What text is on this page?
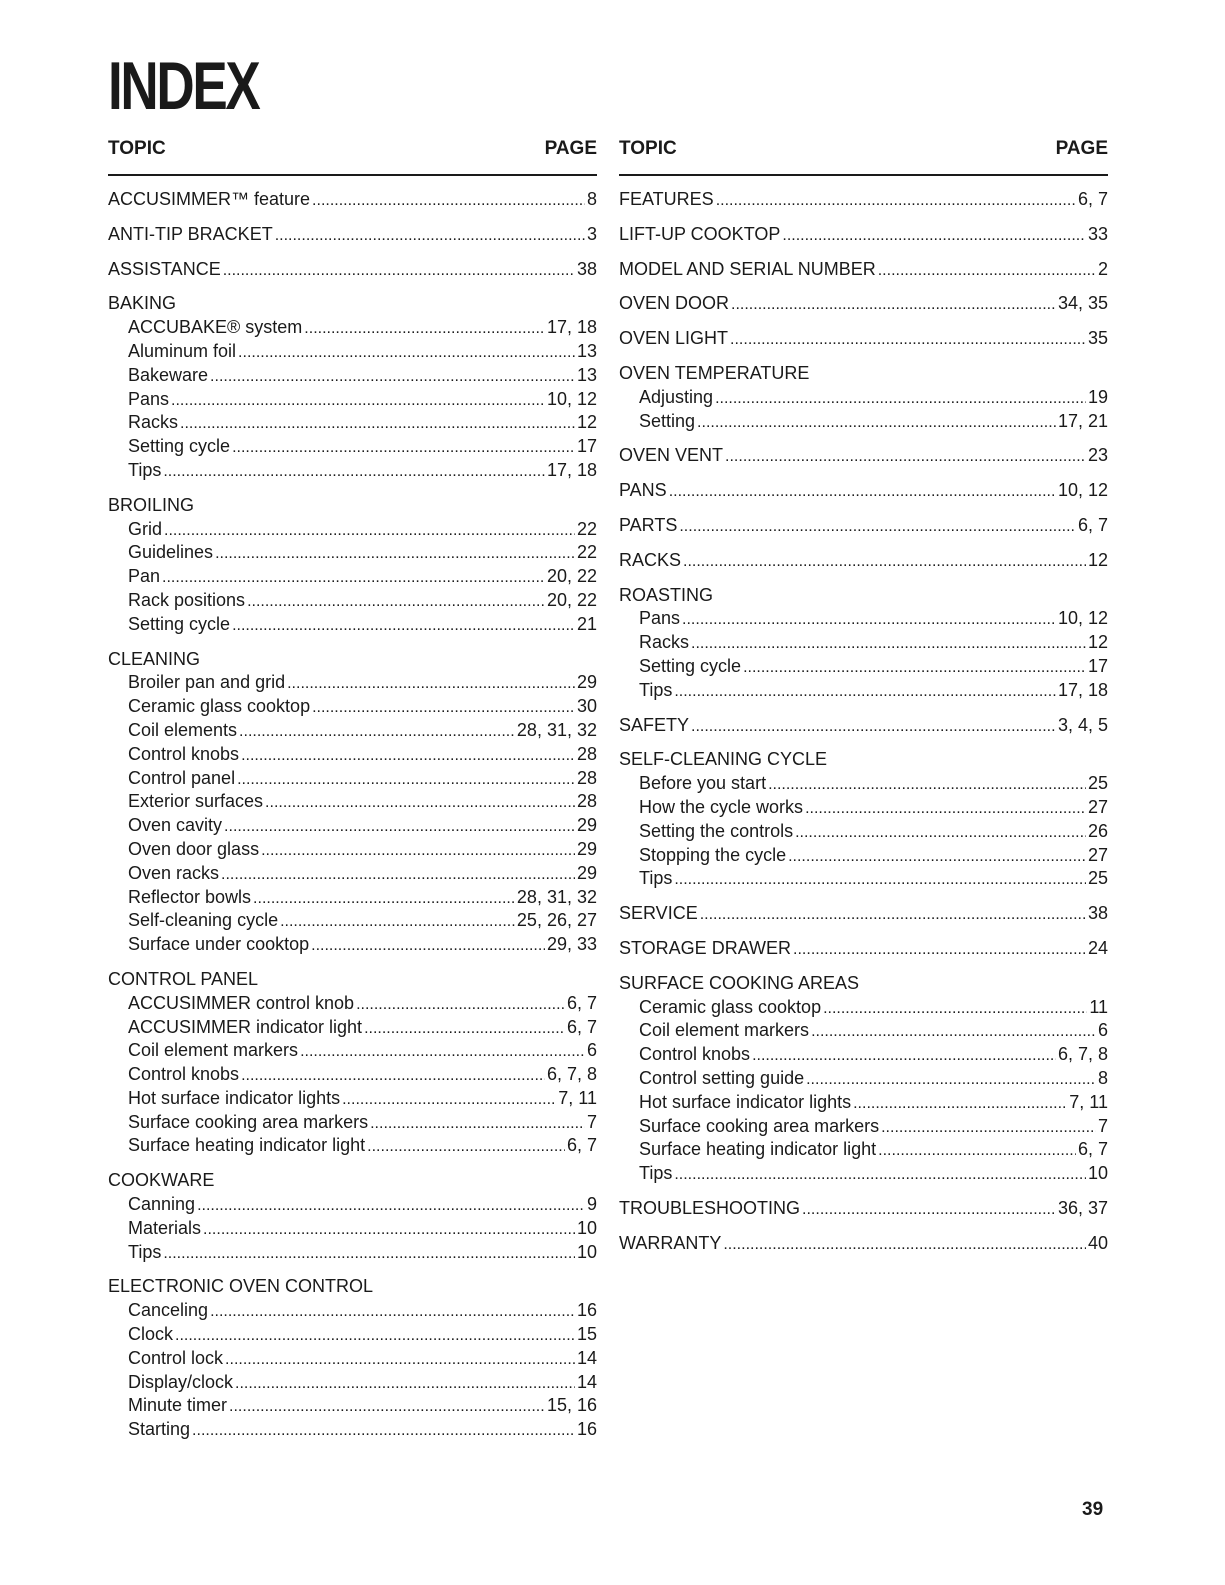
INDEX
TOPIC	PAGE
ACCUSIMMER™ feature .....	8
ANTI-TIP BRACKET .....	3
ASSISTANCE .....	38
BAKING
ACCUBAKE® system .....	17, 18
Aluminum foil .....	13
Bakeware .....	13
Pans .....	10, 12
Racks .....	12
Setting cycle .....	17
Tips .....	17, 18
BROILING
Grid .....	22
Guidelines .....	22
Pan .....	20, 22
Rack positions .....	20, 22
Setting cycle .....	21
CLEANING
Broiler pan and grid .....	29
Ceramic glass cooktop .....	30
Coil elements .....	28, 31, 32
Control knobs .....	28
Control panel .....	28
Exterior surfaces .....	28
Oven cavity .....	29
Oven door glass .....	29
Oven racks .....	29
Reflector bowls .....	28, 31, 32
Self-cleaning cycle .....	25, 26, 27
Surface under cooktop .....	29, 33
CONTROL PANEL
ACCUSIMMER control knob .....	6, 7
ACCUSIMMER indicator light .....	6, 7
Coil element markers .....	6
Control knobs .....	6, 7, 8
Hot surface indicator lights .....	7, 11
Surface cooking area markers .....	7
Surface heating indicator light .....	6, 7
COOKWARE
Canning .....	9
Materials .....	10
Tips .....	10
ELECTRONIC OVEN CONTROL
Canceling .....	16
Clock .....	15
Control lock .....	14
Display/clock .....	14
Minute timer .....	15, 16
Starting .....	16
TOPIC	PAGE
FEATURES .....	6, 7
LIFT-UP COOKTOP .....	33
MODEL AND SERIAL NUMBER .....	2
OVEN DOOR .....	34, 35
OVEN LIGHT .....	35
OVEN TEMPERATURE
Adjusting .....	19
Setting .....	17, 21
OVEN VENT .....	23
PANS .....	10, 12
PARTS .....	6, 7
RACKS .....	12
ROASTING
Pans .....	10, 12
Racks .....	12
Setting cycle .....	17
Tips .....	17, 18
SAFETY .....	3, 4, 5
SELF-CLEANING CYCLE
Before you start .....	25
How the cycle works .....	27
Setting the controls .....	26
Stopping the cycle .....	27
Tips .....	25
SERVICE .....	38
STORAGE DRAWER .....	24
SURFACE COOKING AREAS
Ceramic glass cooktop .....	11
Coil element markers .....	6
Control knobs .....	6, 7, 8
Control setting guide .....	8
Hot surface indicator lights .....	7, 11
Surface cooking area markers .....	7
Surface heating indicator light .....	6, 7
Tips .....	10
TROUBLESHOOTING .....	36, 37
WARRANTY .....	40
39
